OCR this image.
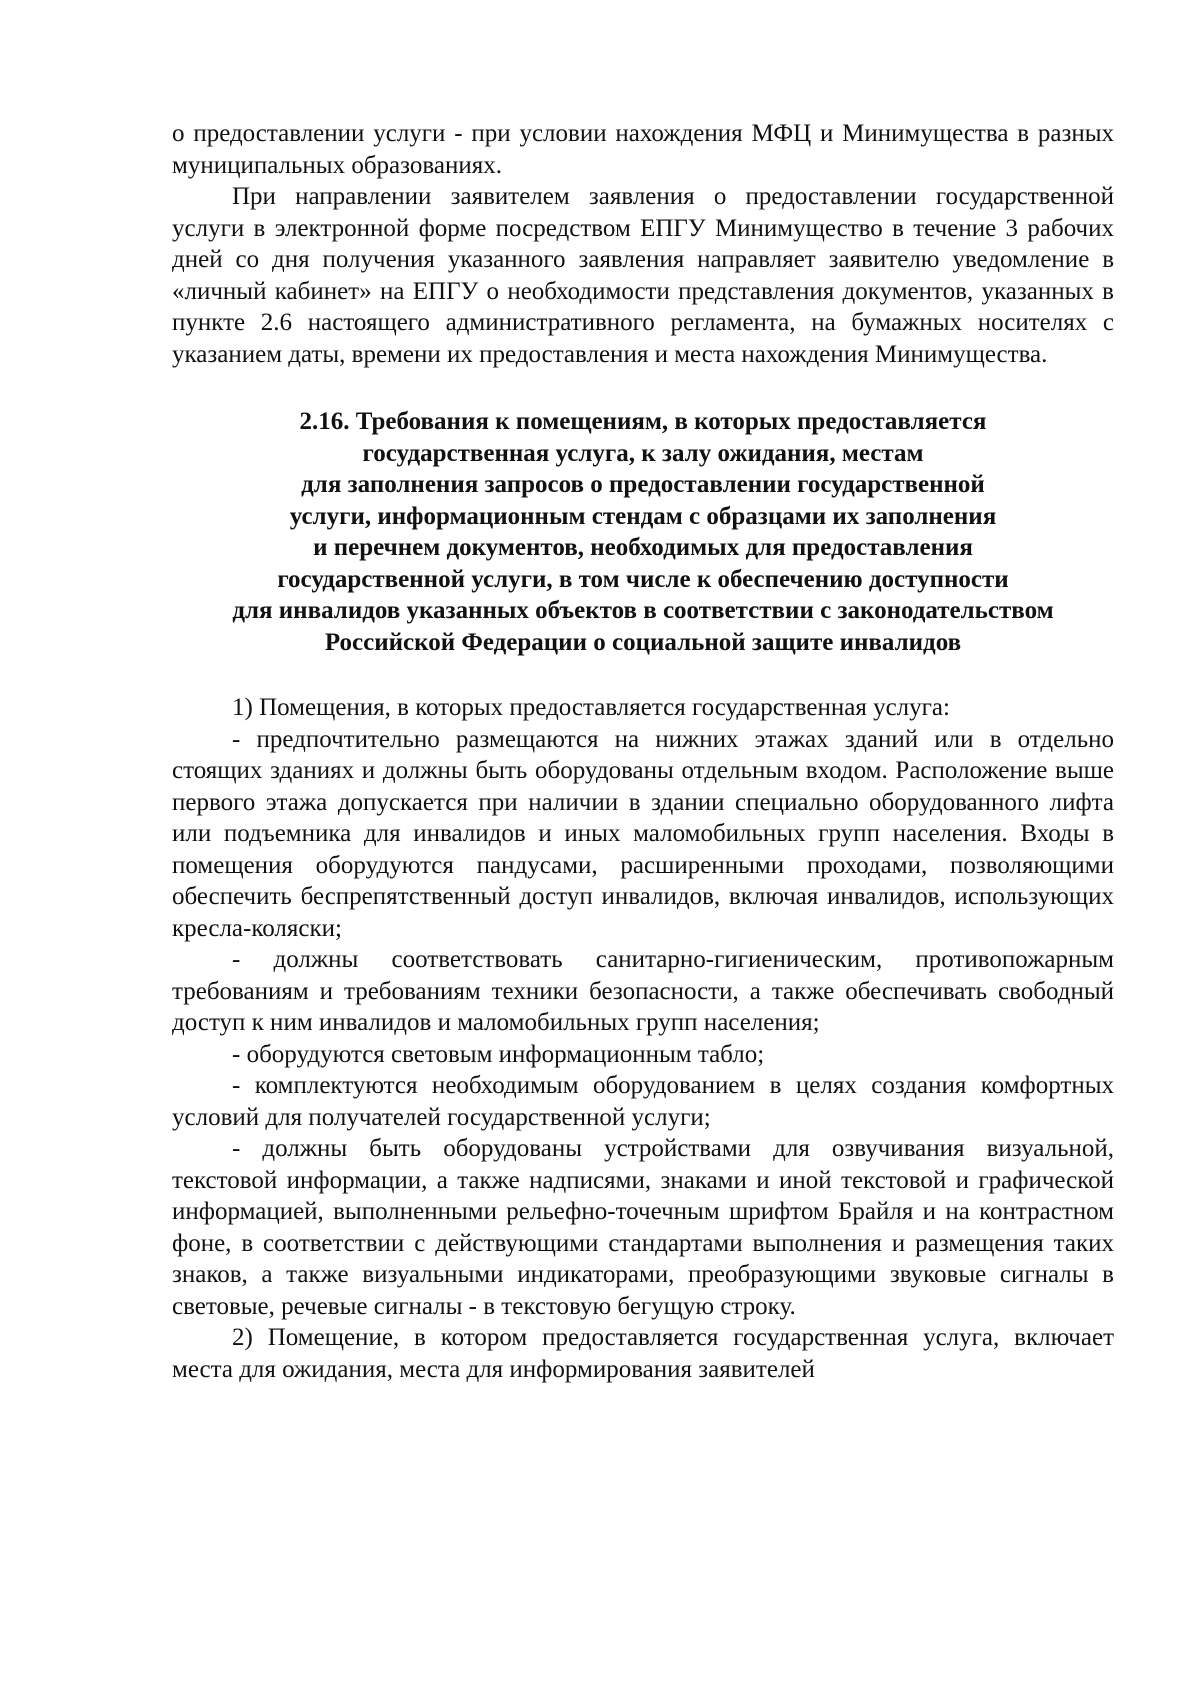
о предоставлении услуги - при условии нахождения МФЦ и Минимущества в разных муниципальных образованиях.

При направлении заявителем заявления о предоставлении государственной услуги в электронной форме посредством ЕПГУ Минимущество в течение 3 рабочих дней со дня получения указанного заявления направляет заявителю уведомление в «личный кабинет» на ЕПГУ о необходимости представления документов, указанных в пункте 2.6 настоящего административного регламента, на бумажных носителях с указанием даты, времени их предоставления и места нахождения Минимущества.

2.16. Требования к помещениям, в которых предоставляется
государственная услуга, к залу ожидания, местам
для заполнения запросов о предоставлении государственной
услуги, информационным стендам с образцами их заполнения
и перечнем документов, необходимых для предоставления
государственной услуги, в том числе к обеспечению доступности
для инвалидов указанных объектов в соответствии с законодательством
Российской Федерации о социальной защите инвалидов

1) Помещения, в которых предоставляется государственная услуга:

- предпочтительно размещаются на нижних этажах зданий или в отдельно стоящих зданиях и должны быть оборудованы отдельным входом. Расположение выше первого этажа допускается при наличии в здании специально оборудованного лифта или подъемника для инвалидов и иных маломобильных групп населения. Входы в помещения оборудуются пандусами, расширенными проходами, позволяющими обеспечить беспрепятственный доступ инвалидов, включая инвалидов, использующих кресла-коляски;

- должны соответствовать санитарно-гигиеническим, противопожарным требованиям и требованиям техники безопасности, а также обеспечивать свободный доступ к ним инвалидов и маломобильных групп населения;

- оборудуются световым информационным табло;

- комплектуются необходимым оборудованием в целях создания комфортных условий для получателей государственной услуги;

- должны быть оборудованы устройствами для озвучивания визуальной, текстовой информации, а также надписями, знаками и иной текстовой и графической информацией, выполненными рельефно-точечным шрифтом Брайля и на контрастном фоне, в соответствии с действующими стандартами выполнения и размещения таких знаков, а также визуальными индикаторами, преобразующими звуковые сигналы в световые, речевые сигналы - в текстовую бегущую строку.

2) Помещение, в котором предоставляется государственная услуга, включает места для ожидания, места для информирования заявителей
